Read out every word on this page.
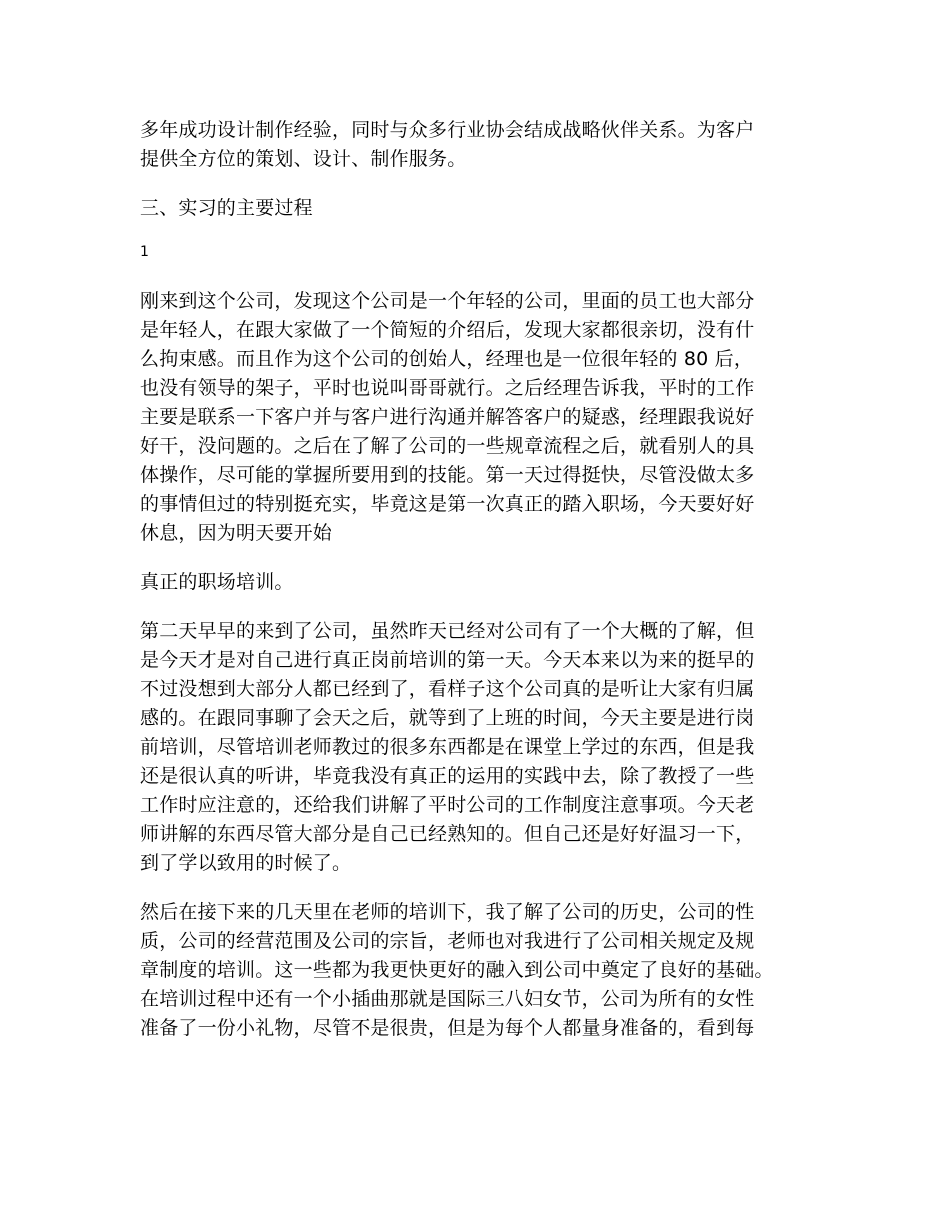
多年成功设计制作经验，同时与众多行业协会结成战略伙伴关系。为客户
提供全方位的策划、设计、制作服务。

三、实习的主要过程

1

刚来到这个公司，发现这个公司是一个年轻的公司，里面的员工也大部分
是年轻人，在跟大家做了一个简短的介绍后，发现大家都很亲切，没有什
么拘束感。而且作为这个公司的创始人，经理也是一位很年轻的 80 后，
也没有领导的架子，平时也说叫哥哥就行。之后经理告诉我，平时的工作
主要是联系一下客户并与客户进行沟通并解答客户的疑惑，经理跟我说好
好干，没问题的。之后在了解了公司的一些规章流程之后，就看别人的具
体操作，尽可能的掌握所要用到的技能。第一天过得挺快，尽管没做太多
的事情但过的特别挺充实，毕竟这是第一次真正的踏入职场，今天要好好
休息，因为明天要开始

真正的职场培训。

第二天早早的来到了公司，虽然昨天已经对公司有了一个大概的了解，但
是今天才是对自己进行真正岗前培训的第一天。今天本来以为来的挺早的
不过没想到大部分人都已经到了，看样子这个公司真的是听让大家有归属
感的。在跟同事聊了会天之后，就等到了上班的时间，今天主要是进行岗
前培训，尽管培训老师教过的很多东西都是在课堂上学过的东西，但是我
还是很认真的听讲，毕竟我没有真正的运用的实践中去，除了教授了一些
工作时应注意的，还给我们讲解了平时公司的工作制度注意事项。今天老
师讲解的东西尽管大部分是自己已经熟知的。但自己还是好好温习一下，
到了学以致用的时候了。

然后在接下来的几天里在老师的培训下，我了解了公司的历史，公司的性
质，公司的经营范围及公司的宗旨，老师也对我进行了公司相关规定及规
章制度的培训。这一些都为我更快更好的融入到公司中奠定了良好的基础。
在培训过程中还有一个小插曲那就是国际三八妇女节，公司为所有的女性
准备了一份小礼物，尽管不是很贵，但是为每个人都量身准备的，看到每
